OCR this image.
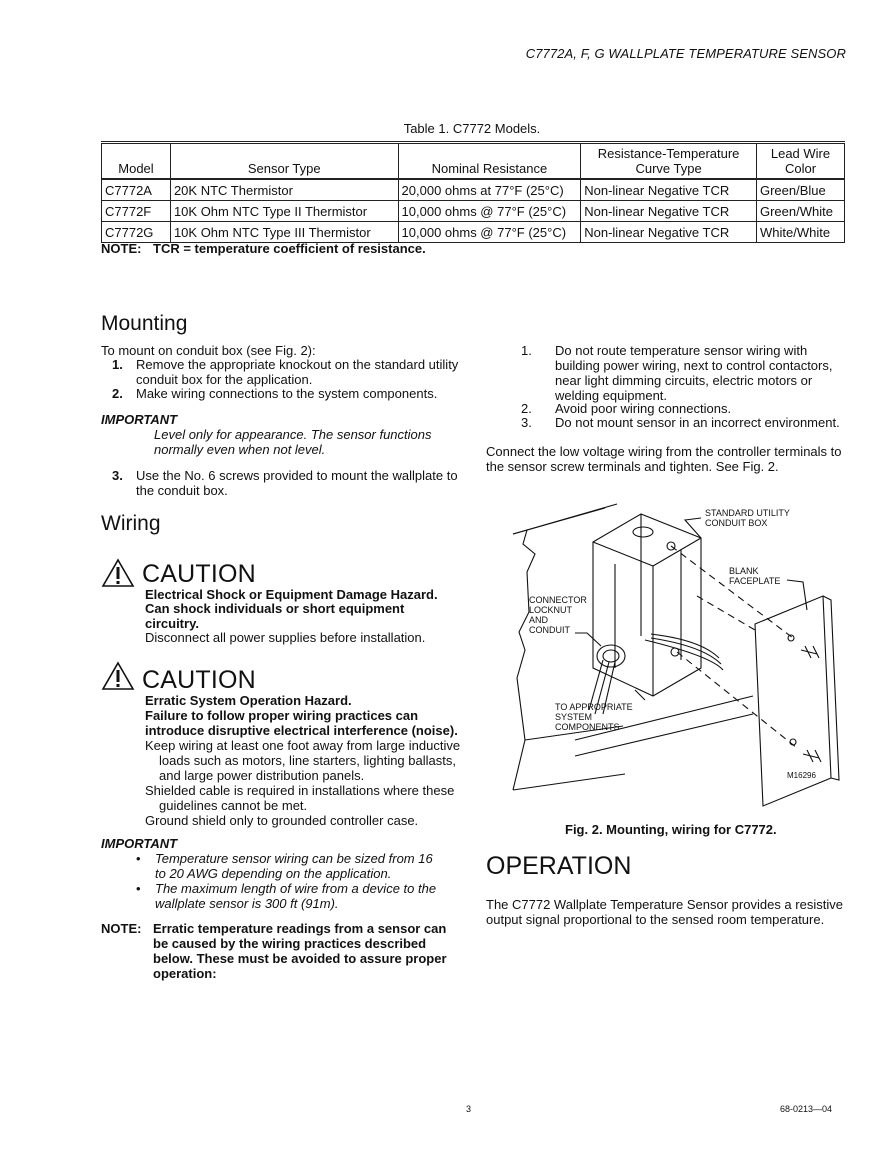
C7772A, F, G WALLPLATE TEMPERATURE SENSOR
Table 1. C7772 Models.
Model	Sensor Type	Nominal Resistance	Resistance-Temperature Curve Type	Lead Wire Color
C7772A	20K NTC Thermistor	20,000 ohms at 77°F (25°C)	Non-linear Negative TCR	Green/Blue
C7772F	10K Ohm NTC Type II Thermistor	10,000 ohms @ 77°F (25°C)	Non-linear Negative TCR	Green/White
C7772G	10K Ohm NTC Type III Thermistor	10,000 ohms @ 77°F (25°C)	Non-linear Negative TCR	White/White
NOTE: TCR = temperature coefficient of resistance.
Mounting
To mount on conduit box (see Fig. 2):
1. Remove the appropriate knockout on the standard utility conduit box for the application.
2. Make wiring connections to the system components.
IMPORTANT
Level only for appearance. The sensor functions normally even when not level.
3. Use the No. 6 screws provided to mount the wallplate to the conduit box.
Wiring
CAUTION
Electrical Shock or Equipment Damage Hazard.
Can shock individuals or short equipment
circuitry.
Disconnect all power supplies before installation.
CAUTION
Erratic System Operation Hazard.
Failure to follow proper wiring practices can introduce disruptive electrical interference (noise).
Keep wiring at least one foot away from large inductive loads such as motors, line starters, lighting ballasts, and large power distribution panels.
Shielded cable is required in installations where these guidelines cannot be met.
Ground shield only to grounded controller case.
IMPORTANT
• Temperature sensor wiring can be sized from 16 to 20 AWG depending on the application.
• The maximum length of wire from a device to the wallplate sensor is 300 ft (91m).
NOTE: Erratic temperature readings from a sensor can be caused by the wiring practices described below. These must be avoided to assure proper operation:
1. Do not route temperature sensor wiring with building power wiring, next to control contactors, near light dimming circuits, electric motors or welding equipment.
2. Avoid poor wiring connections.
3. Do not mount sensor in an incorrect environment.
Connect the low voltage wiring from the controller terminals to the sensor screw terminals and tighten. See Fig. 2.
STANDARD UTILITY
CONDUIT BOX
BLANK
FACEPLATE
CONNECTOR
LOCKNUT
AND
CONDUIT
TO APPROPRIATE
SYSTEM
COMPONENTS
M16296
Fig. 2. Mounting, wiring for C7772.
OPERATION
The C7772 Wallplate Temperature Sensor provides a resistive output signal proportional to the sensed room temperature.
3	68-0213—04
